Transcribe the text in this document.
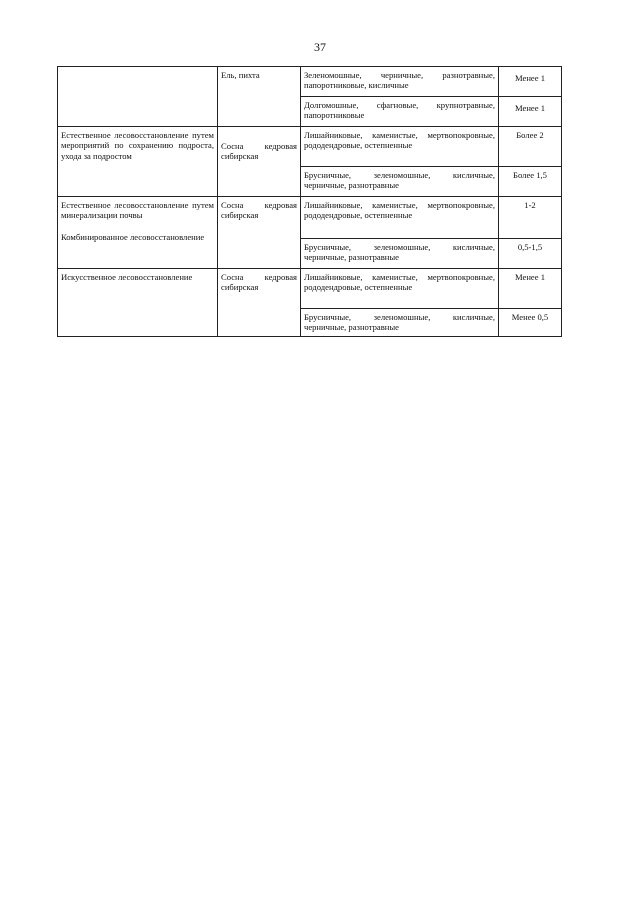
37
	Ель, пихта	Зеленомошные, черничные, разнотравные, папоротниковые, кисличные	Менее 1
		Долгомошные, сфагновые, крупнотравные, папоротниковые	Менее 1

Естественное лесовосстановление путем мероприятий по сохранению подроста, ухода за подростом	Сосна кедровая сибирская	Лишайниковые, каменистые, мертвопокровные, рододендровые, остепненные	Более 2
		Брусничные, зеленомошные, кисличные, черничные, разнотравные	Более 1,5

Естественное лесовосстановление путем минерализации почвы
Комбинированное лесовосстановление	Сосна кедровая сибирская	Лишайниковые, каменистые, мертвопокровные, рододендровые, остепненные	1-2
		Брусничные, зеленомошные, кисличные, черничные, разнотравные	0,5-1,5

Искусственное лесовосстановление	Сосна кедровая сибирская	Лишайниковые, каменистые, мертвопокровные, рододендровые, остепненные	Менее 1
		Брусничные, зеленомошные, кисличные, черничные, разнотравные	Менее 0,5
